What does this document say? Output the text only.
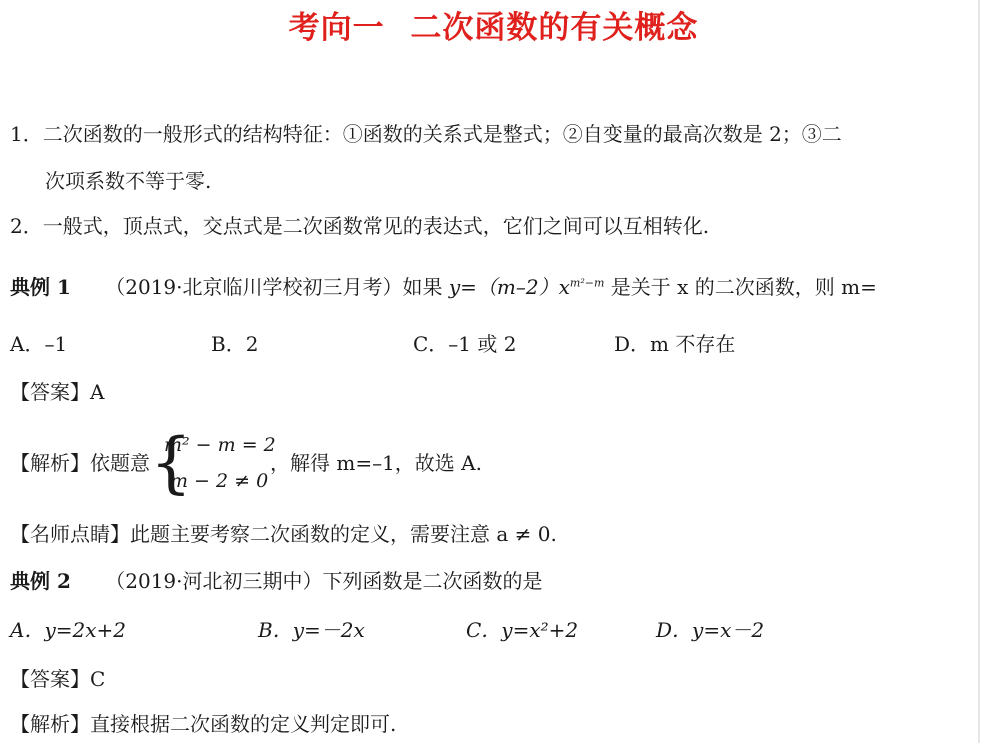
考向一 二次函数的有关概念
1．二次函数的一般形式的结构特征：①函数的关系式是整式；②自变量的最高次数是 2；③二
次项系数不等于零.
2．一般式，顶点式，交点式是二次函数常见的表达式，它们之间可以互相转化.
典例 1 （2019·北京临川学校初三月考）如果 $y=(m-2)x^{m^2-m}$ 是关于 x 的二次函数，则 m=
A．–1	B．2	C．–1 或 2	D．m 不存在
【答案】A
【解析】依题意 {
m² − m = 2
m − 2 ≠ 0
，解得 m=–1，故选 A.
【名师点睛】此题主要考察二次函数的定义，需要注意 a ≠ 0.
典例 2 （2019·河北初三期中）下列函数是二次函数的是
A．y=2x+2	B．y=－2x	C．y=x²+2	D．y=x－2
【答案】C
【解析】直接根据二次函数的定义判定即可.
